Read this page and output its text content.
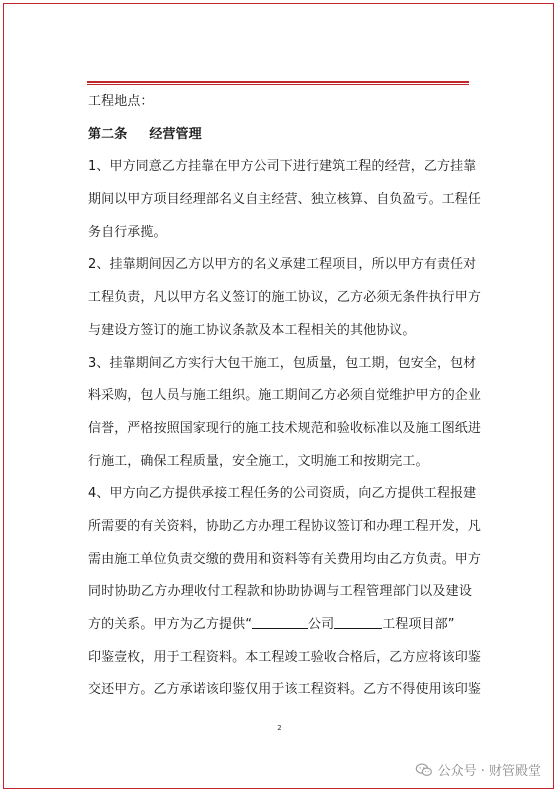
工程地点：
第二条 经营管理
1、甲方同意乙方挂靠在甲方公司下进行建筑工程的经营，乙方挂靠
期间以甲方项目经理部名义自主经营、独立核算、自负盈亏。工程任
务自行承揽。
2、挂靠期间因乙方以甲方的名义承建工程项目，所以甲方有责任对
工程负责，凡以甲方名义签订的施工协议，乙方必须无条件执行甲方
与建设方签订的施工协议条款及本工程相关的其他协议。
3、挂靠期间乙方实行大包干施工，包质量，包工期，包安全，包材
料采购，包人员与施工组织。施工期间乙方必须自觉维护甲方的企业
信誉，严格按照国家现行的施工技术规范和验收标准以及施工图纸进
行施工，确保工程质量，安全施工，文明施工和按期完工。
4、甲方向乙方提供承接工程任务的公司资质，向乙方提供工程报建
所需要的有关资料，协助乙方办理工程协议签订和办理工程开发，凡
需由施工单位负责交缴的费用和资料等有关费用均由乙方负责。甲方
同时协助乙方办理收付工程款和协助协调与工程管理部门以及建设
方的关系。甲方为乙方提供“	公司	工程项目部”
印鉴壹枚，用于工程资料。本工程竣工验收合格后，乙方应将该印鉴
交还甲方。乙方承诺该印鉴仅用于该工程资料。乙方不得使用该印鉴
2
公众号 · 财管殿堂
